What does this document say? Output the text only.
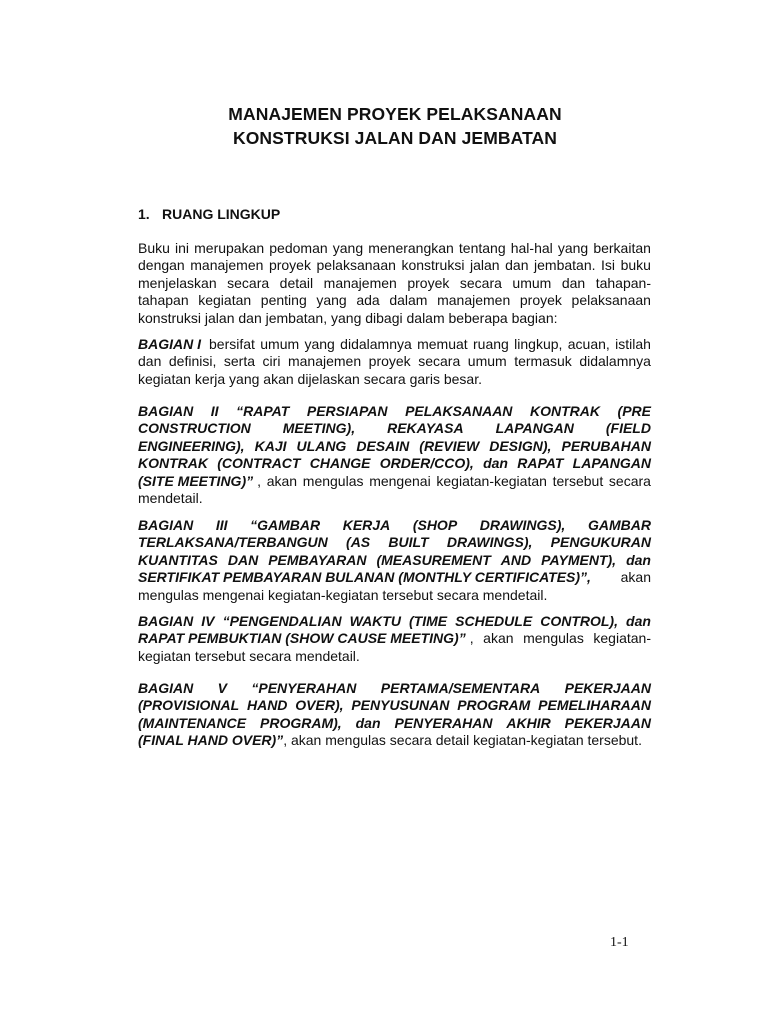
MANAJEMEN PROYEK PELAKSANAAN
KONSTRUKSI JALAN DAN JEMBATAN
1. RUANG LINGKUP
Buku ini merupakan pedoman yang menerangkan tentang hal-hal yang berkaitan
dengan manajemen proyek pelaksanaan konstruksi jalan dan jembatan. Isi buku
menjelaskan secara detail manajemen proyek secara umum dan tahapan-
tahapan kegiatan penting yang ada dalam manajemen proyek pelaksanaan
konstruksi jalan dan jembatan, yang dibagi dalam beberapa bagian:
BAGIAN I bersifat umum yang didalamnya memuat ruang lingkup, acuan, istilah
dan definisi, serta ciri manajemen proyek secara umum termasuk didalamnya
kegiatan kerja yang akan dijelaskan secara garis besar.
BAGIAN II “RAPAT PERSIAPAN PELAKSANAAN KONTRAK (PRE
CONSTRUCTION MEETING), REKAYASA LAPANGAN (FIELD
ENGINEERING), KAJI ULANG DESAIN (REVIEW DESIGN), PERUBAHAN
KONTRAK (CONTRACT CHANGE ORDER/CCO), dan RAPAT LAPANGAN
(SITE MEETING)” , akan mengulas mengenai kegiatan-kegiatan tersebut secara
mendetail.
BAGIAN III “GAMBAR KERJA (SHOP DRAWINGS), GAMBAR
TERLAKSANA/TERBANGUN (AS BUILT DRAWINGS), PENGUKURAN
KUANTITAS DAN PEMBAYARAN (MEASUREMENT AND PAYMENT), dan
SERTIFIKAT PEMBAYARAN BULANAN (MONTHLY CERTIFICATES)”, akan
mengulas mengenai kegiatan-kegiatan tersebut secara mendetail.
BAGIAN IV “PENGENDALIAN WAKTU (TIME SCHEDULE CONTROL), dan
RAPAT PEMBUKTIAN (SHOW CAUSE MEETING)” , akan mengulas kegiatan-
kegiatan tersebut secara mendetail.
BAGIAN V “PENYERAHAN PERTAMA/SEMENTARA PEKERJAAN
(PROVISIONAL HAND OVER), PENYUSUNAN PROGRAM PEMELIHARAAN
(MAINTENANCE PROGRAM), dan PENYERAHAN AKHIR PEKERJAAN
(FINAL HAND OVER)”, akan mengulas secara detail kegiatan-kegiatan tersebut.
1-1
